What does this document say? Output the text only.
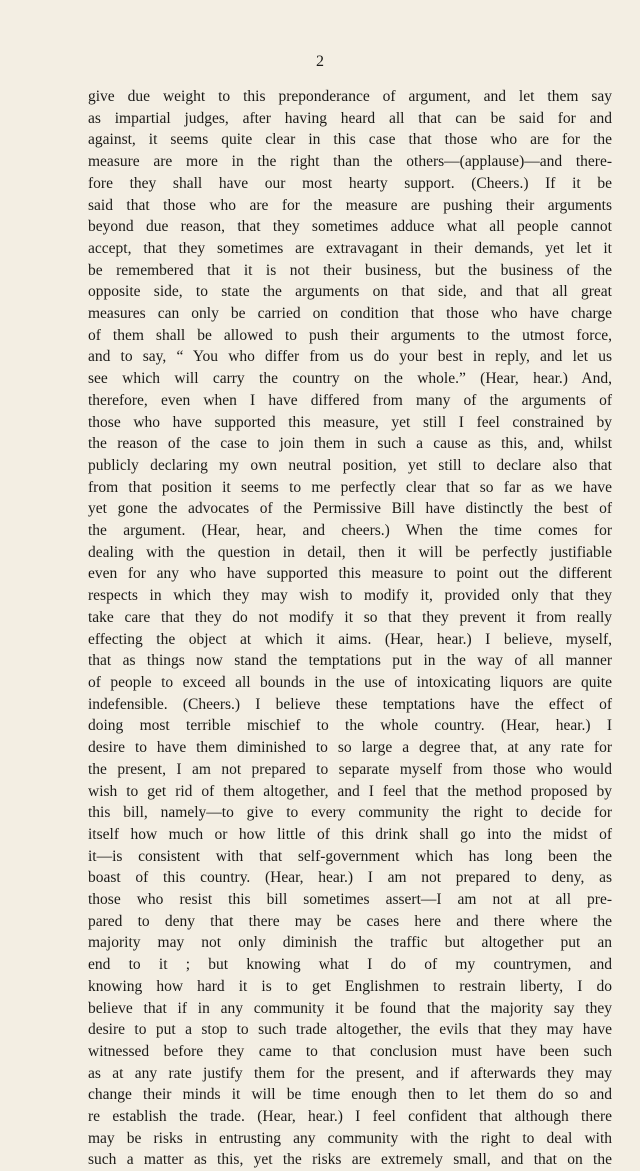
2
give due weight to this preponderance of argument, and let them say
as impartial judges, after having heard all that can be said for and
against, it seems quite clear in this case that those who are for the
measure are more in the right than the others—(applause)—and there-
fore they shall have our most hearty support. (Cheers.) If it be
said that those who are for the measure are pushing their arguments
beyond due reason, that they sometimes adduce what all people cannot
accept, that they sometimes are extravagant in their demands, yet let it
be remembered that it is not their business, but the business of the
opposite side, to state the arguments on that side, and that all great
measures can only be carried on condition that those who have charge
of them shall be allowed to push their arguments to the utmost force,
and to say, “ You who differ from us do your best in reply, and let us
see which will carry the country on the whole.” (Hear, hear.) And,
therefore, even when I have differed from many of the arguments of
those who have supported this measure, yet still I feel constrained by
the reason of the case to join them in such a cause as this, and, whilst
publicly declaring my own neutral position, yet still to declare also that
from that position it seems to me perfectly clear that so far as we have
yet gone the advocates of the Permissive Bill have distinctly the best of
the argument. (Hear, hear, and cheers.) When the time comes for
dealing with the question in detail, then it will be perfectly justifiable
even for any who have supported this measure to point out the different
respects in which they may wish to modify it, provided only that they
take care that they do not modify it so that they prevent it from really
effecting the object at which it aims. (Hear, hear.) I believe, myself,
that as things now stand the temptations put in the way of all manner
of people to exceed all bounds in the use of intoxicating liquors are quite
indefensible. (Cheers.) I believe these temptations have the effect of
doing most terrible mischief to the whole country. (Hear, hear.) I
desire to have them diminished to so large a degree that, at any rate for
the present, I am not prepared to separate myself from those who would
wish to get rid of them altogether, and I feel that the method proposed by
this bill, namely—to give to every community the right to decide for
itself how much or how little of this drink shall go into the midst of
it—is consistent with that self-government which has long been the
boast of this country. (Hear, hear.) I am not prepared to deny, as
those who resist this bill sometimes assert—I am not at all pre-
pared to deny that there may be cases here and there where the
majority may not only diminish the traffic but altogether put an
end to it ; but knowing what I do of my countrymen, and
knowing how hard it is to get Englishmen to restrain liberty, I do
believe that if in any community it be found that the majority say they
desire to put a stop to such trade altogether, the evils that they may have
witnessed before they came to that conclusion must have been such
as at any rate justify them for the present, and if afterwards they may
change their minds it will be time enough then to let them do so and
re establish the trade. (Hear, hear.) I feel confident that although there
may be risks in entrusting any community with the right to deal with
such a matter as this, yet the risks are extremely small, and that on the
